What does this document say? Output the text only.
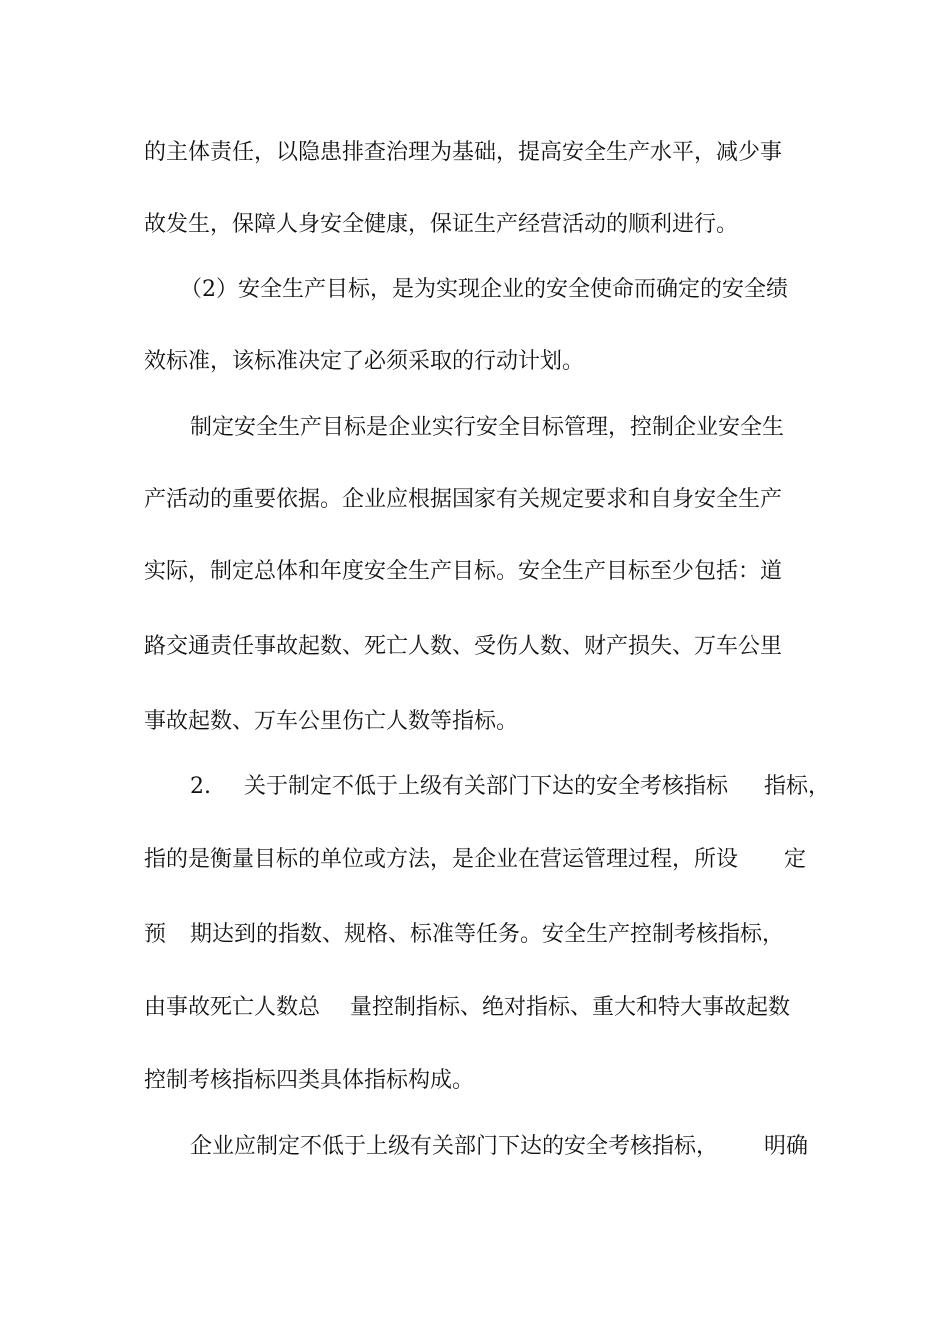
的主体责任，以隐患排查治理为基础，提高安全生产水平，减少事

故发生，保障人身安全健康，保证生产经营活动的顺利进行。

（2）安全生产目标，是为实现企业的安全使命而确定的安全绩

效标准，该标准决定了必须采取的行动计划。

制定安全生产目标是企业实行安全目标管理，控制企业安全生

产活动的重要依据。企业应根据国家有关规定要求和自身安全生产

实际，制定总体和年度安全生产目标。安全生产目标至少包括：道

路交通责任事故起数、死亡人数、受伤人数、财产损失、万车公里

事故起数、万车公里伤亡人数等指标。

2.

关于制定不低于上级有关部门下达的安全考核指标

指标，

指的是衡量目标的单位或方法，是企业在营运管理过程，所设

定

预

期达到的指数、规格、标准等任务。安全生产控制考核指标，

由事故死亡人数总

量控制指标、绝对指标、重大和特大事故起数

控制考核指标四类具体指标构成。

企业应制定不低于上级有关部门下达的安全考核指标，

明确
